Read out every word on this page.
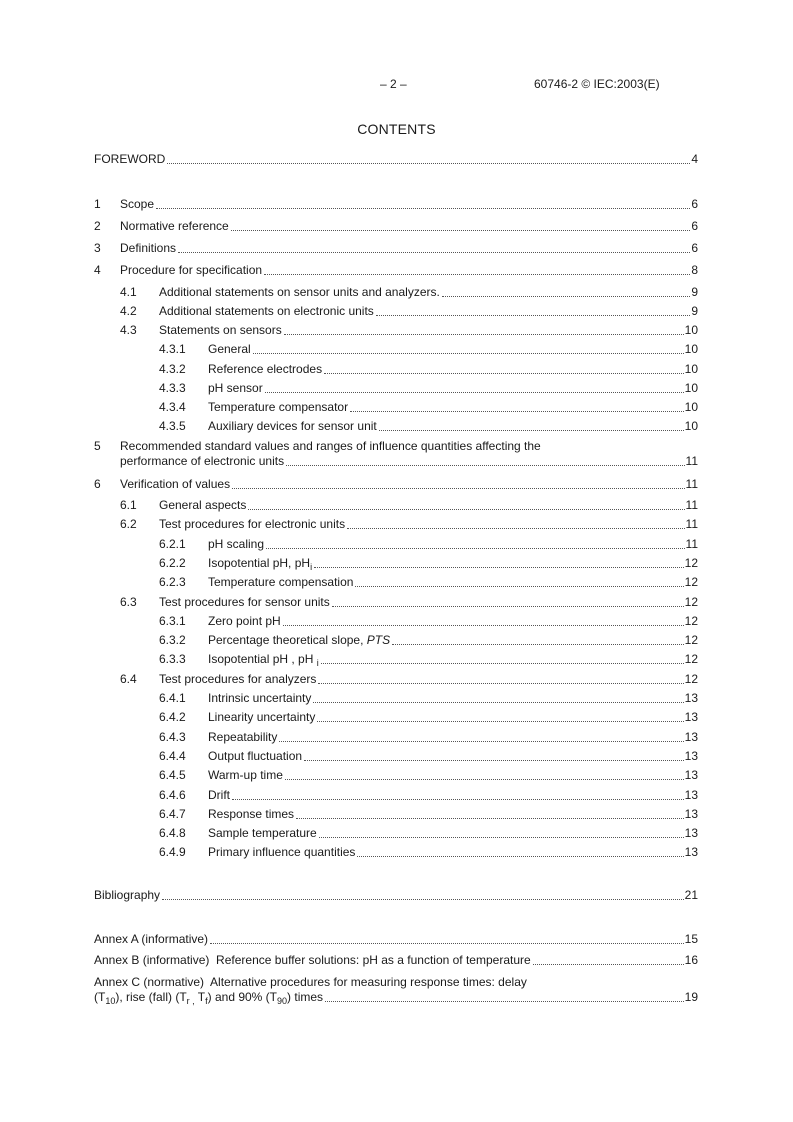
– 2 –	60746-2 © IEC:2003(E)
CONTENTS
FOREWORD	4
1 Scope	6
2 Normative reference	6
3 Definitions	6
4 Procedure for specification	8
4.1 Additional statements on sensor units and analyzers.	9
4.2 Additional statements on electronic units	9
4.3 Statements on sensors	10
4.3.1 General	10
4.3.2 Reference electrodes	10
4.3.3 pH sensor	10
4.3.4 Temperature compensator	10
4.3.5 Auxiliary devices for sensor unit	10
5 Recommended standard values and ranges of influence quantities affecting the
performance of electronic units	11
6 Verification of values	11
6.1 General aspects	11
6.2 Test procedures for electronic units	11
6.2.1 pH scaling	11
6.2.2 Isopotential pH, $pH_i$	12
6.2.3 Temperature compensation	12
6.3 Test procedures for sensor units	12
6.3.1 Zero point pH	12
6.3.2 Percentage theoretical slope, PTS	12
6.3.3 Isopotential pH , pH $_i$	12
6.4 Test procedures for analyzers	12
6.4.1 Intrinsic uncertainty	13
6.4.2 Linearity uncertainty	13
6.4.3 Repeatability	13
6.4.4 Output fluctuation	13
6.4.5 Warm-up time	13
6.4.6 Drift	13
6.4.7 Response times	13
6.4.8 Sample temperature	13
6.4.9 Primary influence quantities	13
Bibliography	21
Annex A (informative)	15
Annex B (informative)  Reference buffer solutions: pH as a function of temperature	16
Annex C (normative)  Alternative procedures for measuring response times: delay
$(T_{10})$, rise (fall) ($T_{r ,}$ $T_f$) and 90% $(T_{90})$ times	19
